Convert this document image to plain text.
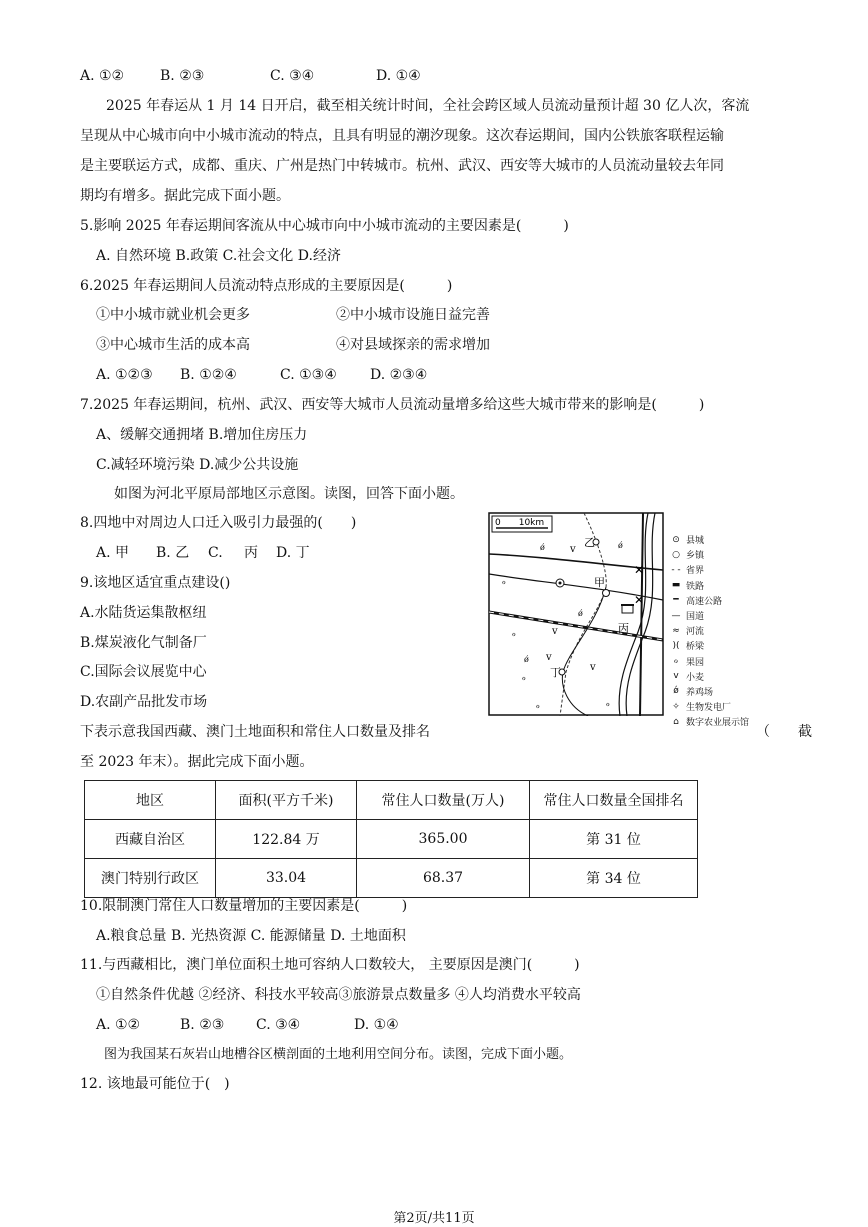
A. ①②	B. ②③	C. ③④	D. ①④
2025 年春运从 1 月 14 日开启，截至相关统计时间，全社会跨区域人员流动量预计超 30 亿人次，客流
呈现从中心城市向中小城市流动的特点，且具有明显的潮汐现象。这次春运期间，国内公铁旅客联程运输
是主要联运方式，成都、重庆、广州是热门中转城市。杭州、武汉、西安等大城市的人员流动量较去年同
期均有增多。据此完成下面小题。
5.影响 2025 年春运期间客流从中心城市向中小城市流动的主要因素是(　　　)
A. 自然环境 B.政策 C.社会文化 D.经济
6.2025 年春运期间人员流动特点形成的主要原因是(　　　)
①中小城市就业机会更多	②中小城市设施日益完善
③中心城市生活的成本高	④对县域探亲的需求增加
A. ①②③ B. ①②④	C. ①③④ D. ②③④
7.2025 年春运期间，杭州、武汉、西安等大城市人员流动量增多给这些大城市带来的影响是(　　　)
A、缓解交通拥堵 B.增加住房压力
C.减轻环境污染 D.减少公共设施
如图为河北平原局部地区示意图。读图，回答下面小题。
8.四地中对周边人口迁入吸引力最强的(　　)
A. 甲 B. 乙 C. 丙 D. 丁
9.该地区适宜重点建设()
A.水陆货运集散枢纽
B.煤炭液化气制备厂
C.国际会议展览中心
D.农副产品批发市场
0　　10km
✕
✕
乙
甲
丙
丁
v
v
v
v
ǿ	ǿ
ǿ
ǿ
ℴ
ℴ
ℴ
ℴ	ℴ
⊙ 县城
○ 乡镇
- - 省界
▬ 铁路
━ 高速公路
— 国道
≈ 河流
)( 桥梁
ℴ 果园
v 小麦
ǿ 养鸡场
✧ 生物发电厂
⌂ 数字农业展示馆
下表示意我国西藏、澳门土地面积和常住人口数量及排名	（　　截
至 2023 年末）。据此完成下面小题。
地区	面积(平方千米)	常住人口数量(万人)	常住人口数量全国排名
西藏自治区	122.84 万	365.00	第 31 位
澳门特别行政区	33.04	68.37	第 34 位
10.限制澳门常住人口数量增加的主要因素是(　　　)
A.粮食总量 B. 光热资源 C. 能源储量 D. 土地面积
11.与西藏相比，澳门单位面积土地可容纳人口数较大， 主要原因是澳门(　　　)
①自然条件优越 ②经济、科技水平较高③旅游景点数量多 ④人均消费水平较高
A. ①②	B. ②③ C. ③④	D. ①④
图为我国某石灰岩山地槽谷区横剖面的土地利用空间分布。读图，完成下面小题。
12. 该地最可能位于(　)
第2页/共11页
